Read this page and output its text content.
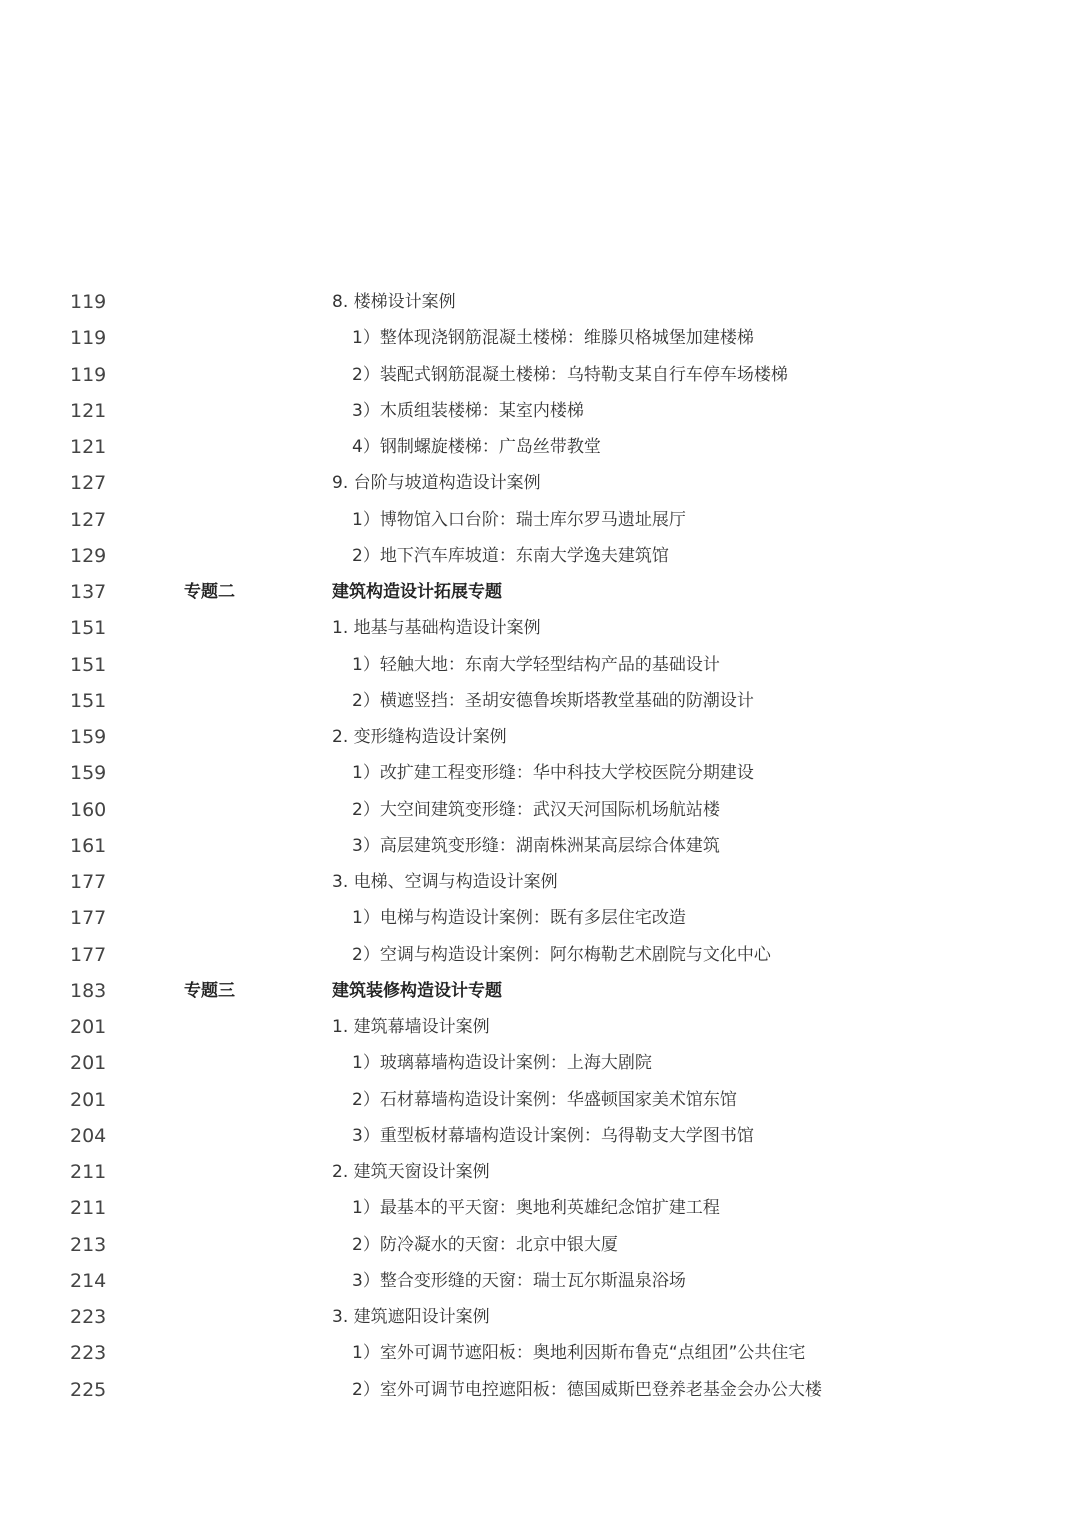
119	8. 楼梯设计案例
119	1）整体现浇钢筋混凝土楼梯：维滕贝格城堡加建楼梯
119	2）装配式钢筋混凝土楼梯：乌特勒支某自行车停车场楼梯
121	3）木质组装楼梯：某室内楼梯
121	4）钢制螺旋楼梯：广岛丝带教堂
127	9. 台阶与坡道构造设计案例
127	1）博物馆入口台阶：瑞士库尔罗马遗址展厅
129	2）地下汽车库坡道：东南大学逸夫建筑馆
137	专题二	建筑构造设计拓展专题
151	1. 地基与基础构造设计案例
151	1）轻触大地：东南大学轻型结构产品的基础设计
151	2）横遮竖挡：圣胡安德鲁埃斯塔教堂基础的防潮设计
159	2. 变形缝构造设计案例
159	1）改扩建工程变形缝：华中科技大学校医院分期建设
160	2）大空间建筑变形缝：武汉天河国际机场航站楼
161	3）高层建筑变形缝：湖南株洲某高层综合体建筑
177	3. 电梯、空调与构造设计案例
177	1）电梯与构造设计案例：既有多层住宅改造
177	2）空调与构造设计案例：阿尔梅勒艺术剧院与文化中心
183	专题三	建筑装修构造设计专题
201	1. 建筑幕墙设计案例
201	1）玻璃幕墙构造设计案例：上海大剧院
201	2）石材幕墙构造设计案例：华盛顿国家美术馆东馆
204	3）重型板材幕墙构造设计案例：乌得勒支大学图书馆
211	2. 建筑天窗设计案例
211	1）最基本的平天窗：奥地利英雄纪念馆扩建工程
213	2）防冷凝水的天窗：北京中银大厦
214	3）整合变形缝的天窗：瑞士瓦尔斯温泉浴场
223	3. 建筑遮阳设计案例
223	1）室外可调节遮阳板：奥地利因斯布鲁克“点组团”公共住宅
225	2）室外可调节电控遮阳板：德国威斯巴登养老基金会办公大楼
